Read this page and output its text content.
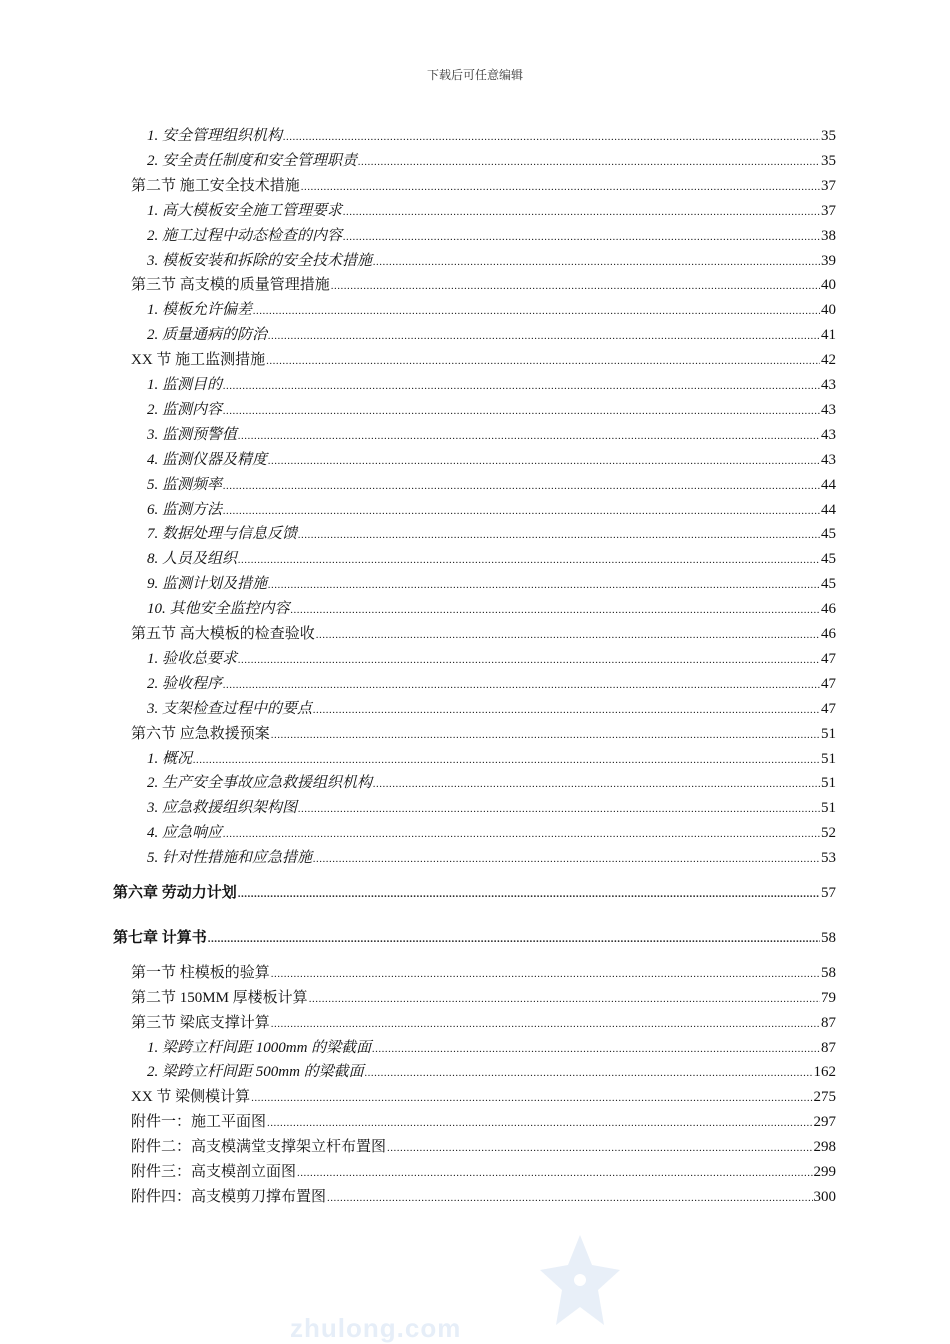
下载后可任意编辑
1. 安全管理组织机构 .....	35
2. 安全责任制度和安全管理职责 .....	35
第二节 施工安全技术措施 .....	37
1. 高大模板安全施工管理要求 .....	37
2. 施工过程中动态检查的内容 .....	38
3. 模板安装和拆除的安全技术措施 .....	39
第三节 高支模的质量管理措施 .....	40
1. 模板允许偏差 .....	40
2. 质量通病的防治 .....	41
XX 节 施工监测措施 .....	42
1. 监测目的 .....	43
2. 监测内容 .....	43
3. 监测预警值 .....	43
4. 监测仪器及精度 .....	43
5. 监测频率 .....	44
6. 监测方法 .....	44
7. 数据处理与信息反馈 .....	45
8. 人员及组织 .....	45
9. 监测计划及措施 .....	45
10. 其他安全监控内容 .....	46
第五节 高大模板的检查验收 .....	46
1. 验收总要求 .....	47
2. 验收程序 .....	47
3. 支架检查过程中的要点 .....	47
第六节 应急救援预案 .....	51
1. 概况 .....	51
2. 生产安全事故应急救援组织机构 .....	51
3. 应急救援组织架构图 .....	51
4. 应急响应 .....	52
5. 针对性措施和应急措施 .....	53
第六章 劳动力计划 .....	57
第七章 计算书 .....	58
第一节 柱模板的验算 .....	58
第二节 150MM 厚楼板计算 .....	79
第三节 梁底支撑计算 .....	87
1. 梁跨立杆间距 1000mm 的梁截面 .....	87
2. 梁跨立杆间距 500mm 的梁截面 .....	162
XX 节 梁侧模计算 .....	275
附件一：施工平面图 .....	297
附件二：高支模满堂支撑架立杆布置图 .....	298
附件三：高支模剖立面图 .....	299
附件四：高支模剪刀撑布置图 .....	300
zhulong.com
